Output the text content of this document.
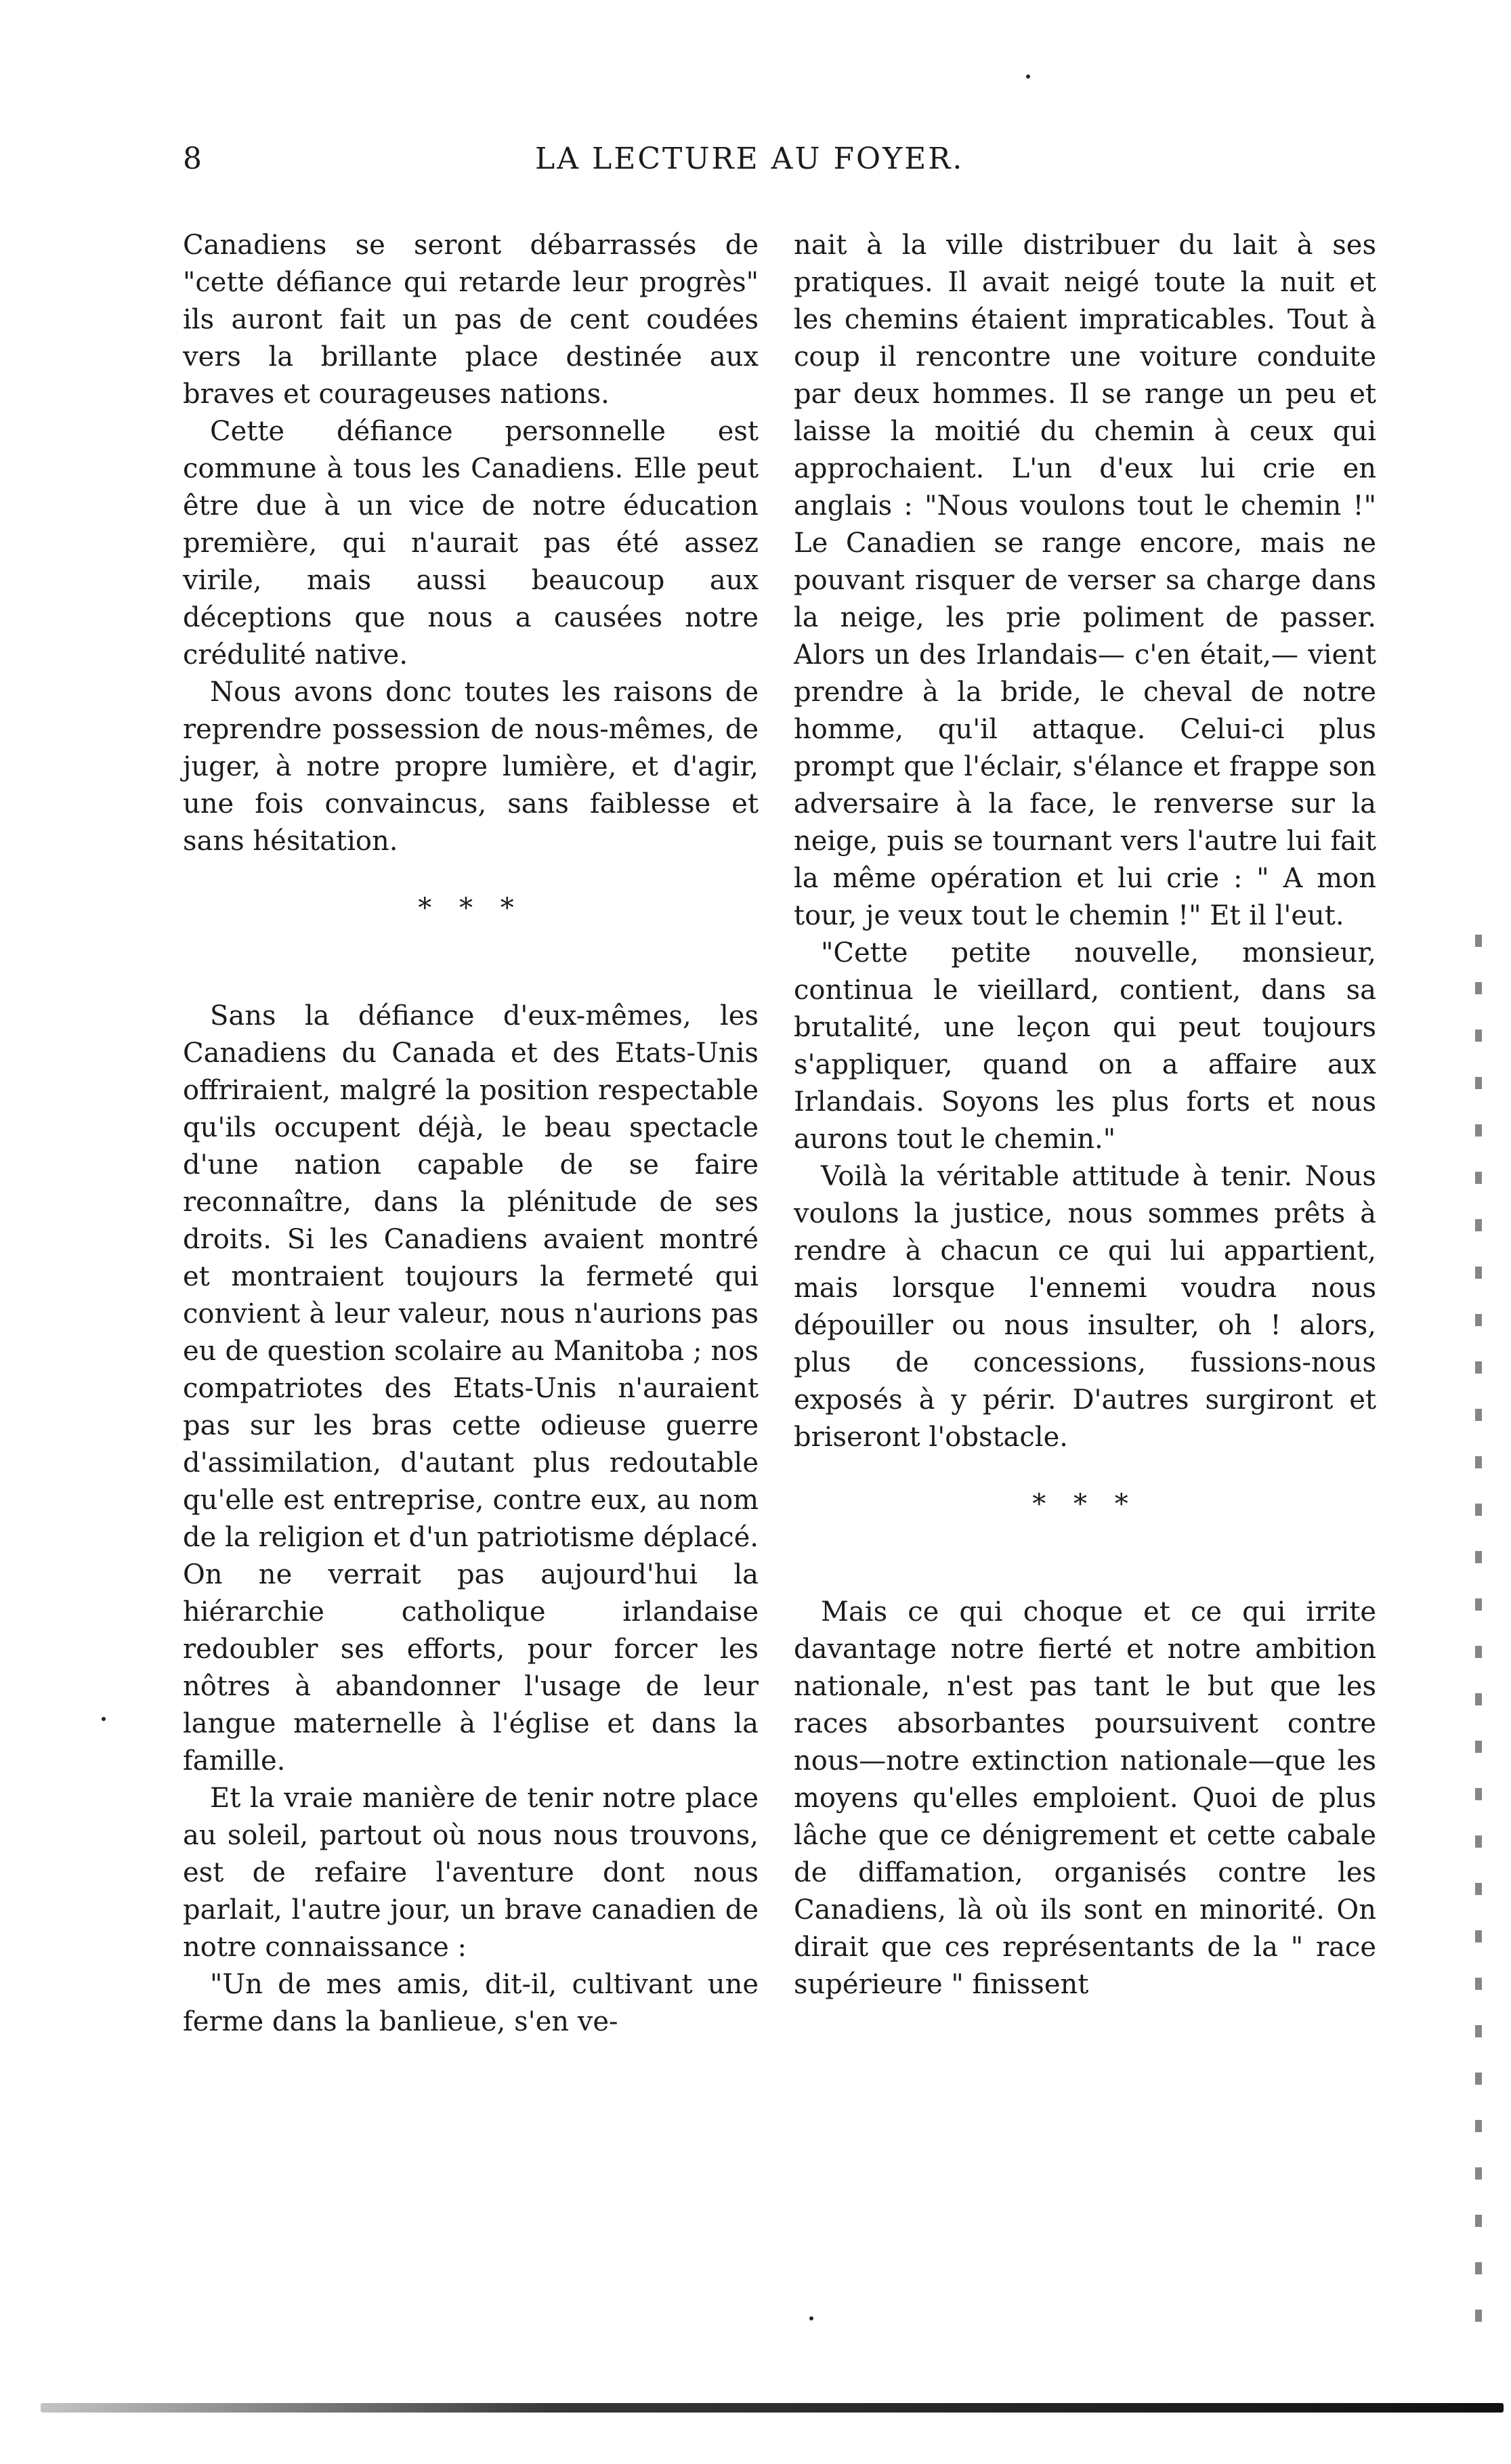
8	LA LECTURE AU FOYER.

Canadiens se seront débarrassés de "cette défiance qui retarde leur progrès" ils auront fait un pas de cent coudées vers la brillante place destinée aux braves et courageuses nations.

Cette défiance personnelle est commune à tous les Canadiens. Elle peut être due à un vice de notre éducation première, qui n'aurait pas été assez virile, mais aussi beaucoup aux déceptions que nous a causées notre crédulité native.

Nous avons donc toutes les raisons de reprendre possession de nous-mêmes, de juger, à notre propre lumière, et d'agir, une fois convaincus, sans faiblesse et sans hésitation.

* * *

Sans la défiance d'eux-mêmes, les Canadiens du Canada et des Etats-Unis offriraient, malgré la position respectable qu'ils occupent déjà, le beau spectacle d'une nation capable de se faire reconnaître, dans la plénitude de ses droits. Si les Canadiens avaient montré et montraient toujours la fermeté qui convient à leur valeur, nous n'aurions pas eu de question scolaire au Manitoba ; nos compatriotes des Etats-Unis n'auraient pas sur les bras cette odieuse guerre d'assimilation, d'autant plus redoutable qu'elle est entreprise, contre eux, au nom de la religion et d'un patriotisme déplacé. On ne verrait pas aujourd'hui la hiérarchie catholique irlandaise redoubler ses efforts, pour forcer les nôtres à abandonner l'usage de leur langue maternelle à l'église et dans la famille.

Et la vraie manière de tenir notre place au soleil, partout où nous nous trouvons, est de refaire l'aventure dont nous parlait, l'autre jour, un brave canadien de notre connaissance :

"Un de mes amis, dit-il, cultivant une ferme dans la banlieue, s'en ve-

nait à la ville distribuer du lait à ses pratiques. Il avait neigé toute la nuit et les chemins étaient impraticables. Tout à coup il rencontre une voiture conduite par deux hommes. Il se range un peu et laisse la moitié du chemin à ceux qui approchaient. L'un d'eux lui crie en anglais : "Nous voulons tout le chemin !" Le Canadien se range encore, mais ne pouvant risquer de verser sa charge dans la neige, les prie poliment de passer. Alors un des Irlandais— c'en était,— vient prendre à la bride, le cheval de notre homme, qu'il attaque. Celui-ci plus prompt que l'éclair, s'élance et frappe son adversaire à la face, le renverse sur la neige, puis se tournant vers l'autre lui fait la même opération et lui crie : " A mon tour, je veux tout le chemin !" Et il l'eut.

"Cette petite nouvelle, monsieur, continua le vieillard, contient, dans sa brutalité, une leçon qui peut toujours s'appliquer, quand on a affaire aux Irlandais. Soyons les plus forts et nous aurons tout le chemin."

Voilà la véritable attitude à tenir. Nous voulons la justice, nous sommes prêts à rendre à chacun ce qui lui appartient, mais lorsque l'ennemi voudra nous dépouiller ou nous insulter, oh ! alors, plus de concessions, fussions-nous exposés à y périr. D'autres surgiront et briseront l'obstacle.

* * *

Mais ce qui choque et ce qui irrite davantage notre fierté et notre ambition nationale, n'est pas tant le but que les races absorbantes poursuivent contre nous—notre extinction nationale—que les moyens qu'elles emploient. Quoi de plus lâche que ce dénigrement et cette cabale de diffamation, organisés contre les Canadiens, là où ils sont en minorité. On dirait que ces représentants de la " race supérieure " finissent
